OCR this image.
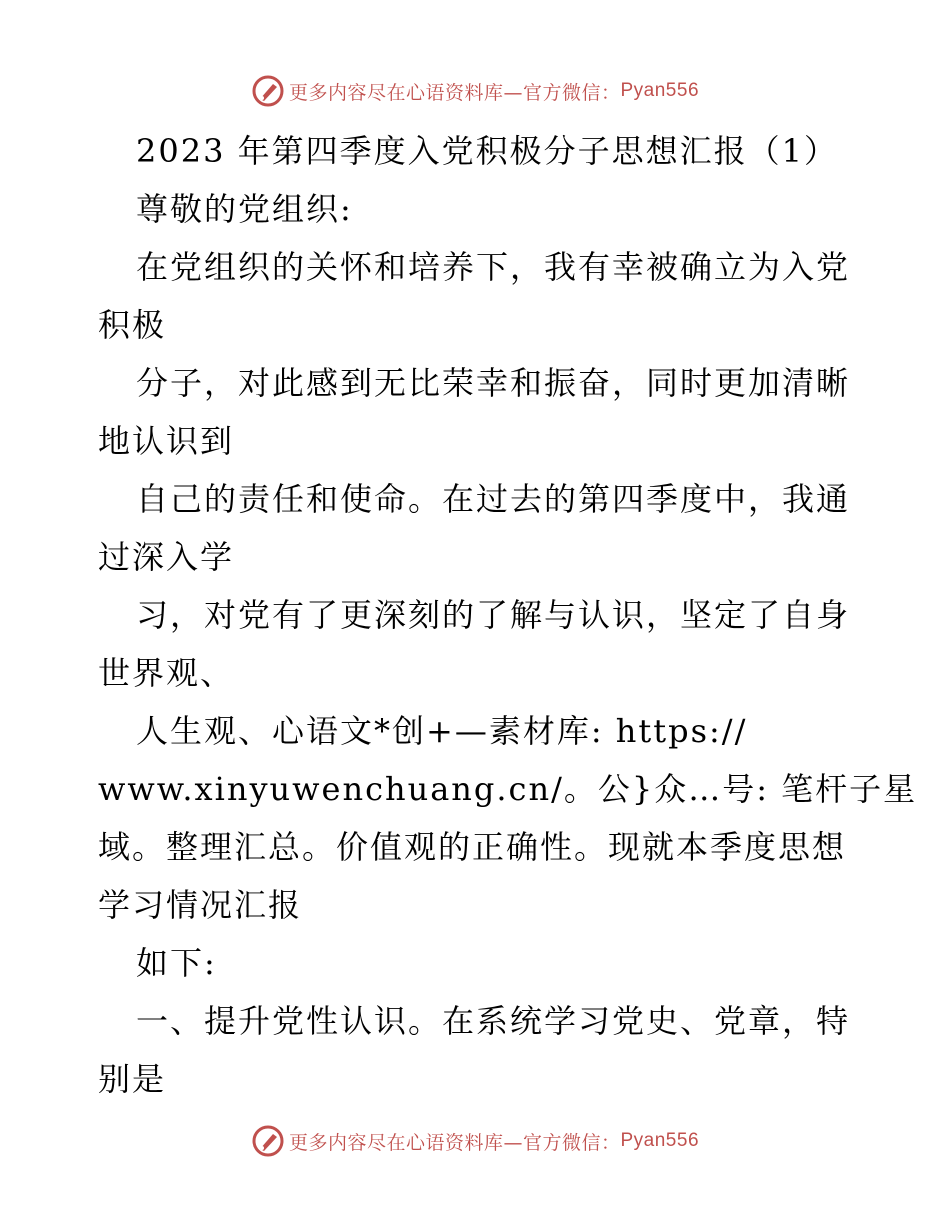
更多内容尽在心语资料库—官方微信： Pyan556
2023 年第四季度入党积极分子思想汇报（1）
尊敬的党组织:
在党组织的关怀和培养下，我有幸被确立为入党
积极
分子，对此感到无比荣幸和振奋，同时更加清晰
地认识到
自己的责任和使命。在过去的第四季度中，我通
过深入学
习，对党有了更深刻的了解与认识，坚定了自身
世界观、
人生观、心语文*创+—素材库: https://
www.xinyuwenchuang.cn/。公}众…号: 笔杆子星
域。整理汇总。价值观的正确性。现就本季度思想
学习情况汇报
如下:
一、提升党性认识。在系统学习党史、党章，特
别是
更多内容尽在心语资料库—官方微信： Pyan556
